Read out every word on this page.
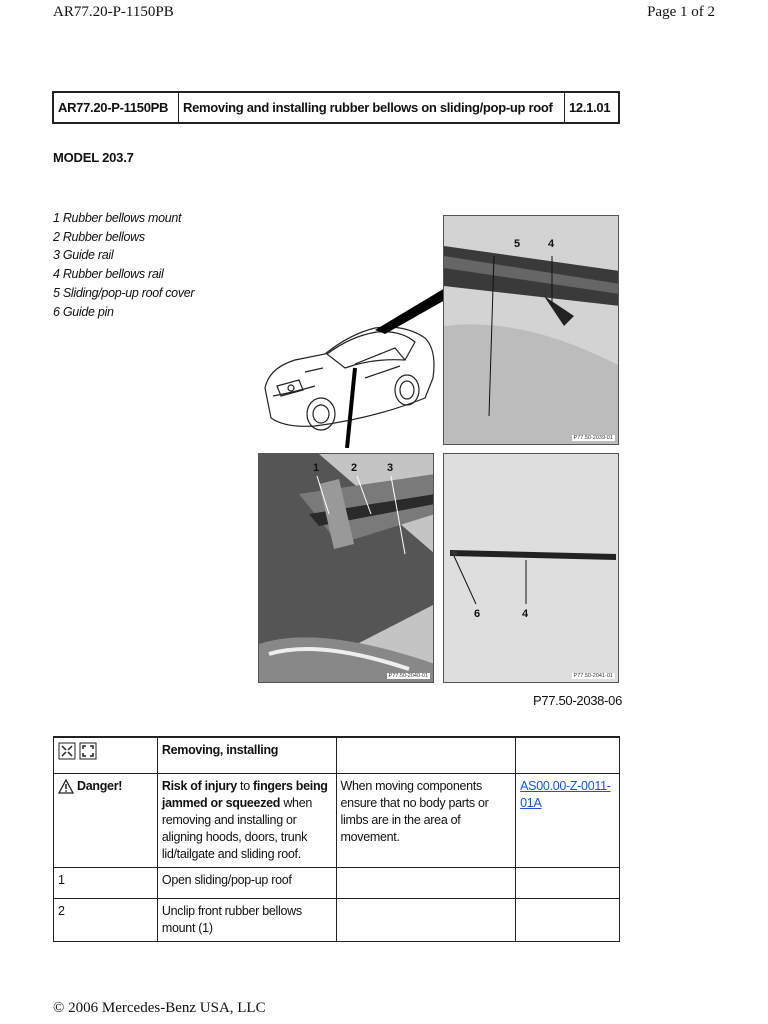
AR77.20-P-1150PB	Page 1 of 2
AR77.20-P-1150PB	Removing and installing rubber bellows on sliding/pop-up roof	12.1.01
MODEL 203.7
1 Rubber bellows mount
2 Rubber bellows
3 Guide rail
4 Rubber bellows rail
5 Sliding/pop-up roof cover
6 Guide pin
5	4
P77.50-2039-01
1	2	3
P77.50-2040-01
6	4
P77.50-2041-01
P77.50-2038-06
	Removing, installing		

Danger!	Risk of injury to fingers being jammed or squeezed when removing and installing or aligning hoods, doors, trunk lid/tailgate and sliding roof.	When moving components ensure that no body parts or limbs are in the area of movement.	AS00.00-Z-0011-01A
1	Open sliding/pop-up roof		
2	Unclip front rubber bellows mount (1)		
© 2006 Mercedes-Benz USA, LLC
